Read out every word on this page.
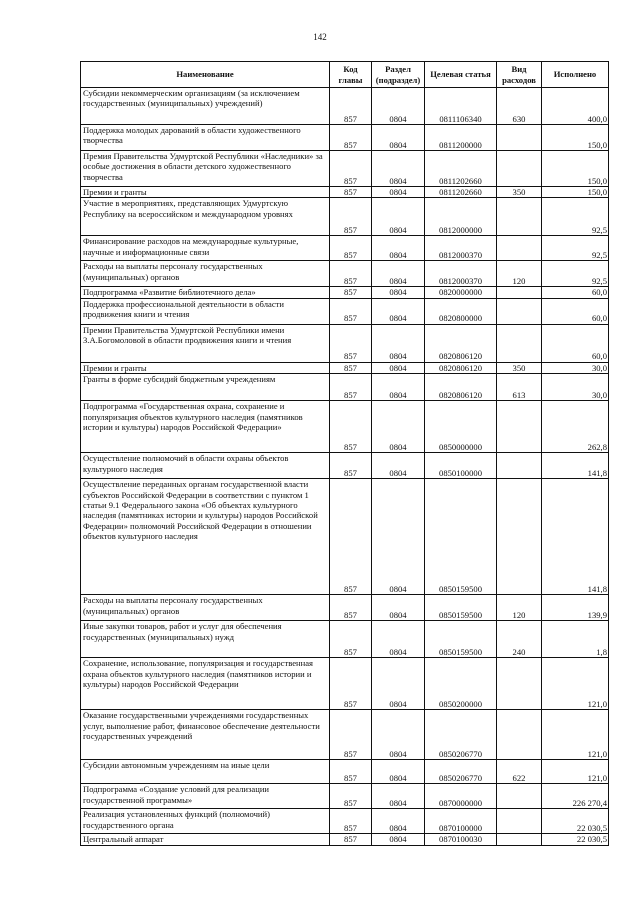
142
Наименование	Код главы	Раздел (подраздел)	Целевая статья	Вид расходов	Исполнено
Субсидии некоммерческим организациям (за исключением государственных (муниципальных) учреждений)	857	0804	0811106340	630	400,0
Поддержка молодых дарований в области художественного творчества	857	0804	0811200000		150,0
Премия Правительства Удмуртской Республики «Наследники» за особые достижения в области детского художественного творчества	857	0804	0811202660		150,0
Премии и гранты	857	0804	0811202660	350	150,0
Участие в мероприятиях, представляющих Удмуртскую Республику на всероссийском и международном уровнях	857	0804	0812000000		92,5
Финансирование расходов на международные культурные, научные и информационные связи	857	0804	0812000370		92,5
Расходы на выплаты персоналу государственных (муниципальных) органов	857	0804	0812000370	120	92,5
Подпрограмма «Развитие библиотечного дела»	857	0804	0820000000		60,0
Поддержка профессиональной деятельности в области продвижения книги и чтения	857	0804	0820800000		60,0
Премии Правительства Удмуртской Республики имени З.А.Богомоловой в области продвижения книги и чтения	857	0804	0820806120		60,0
Премии и гранты	857	0804	0820806120	350	30,0
Гранты в форме субсидий бюджетным учреждениям	857	0804	0820806120	613	30,0
Подпрограмма «Государственная охрана, сохранение и популяризация объектов культурного наследия (памятников истории и культуры) народов Российской Федерации»	857	0804	0850000000		262,8
Осуществление полномочий в области охраны объектов культурного наследия	857	0804	0850100000		141,8
Осуществление переданных органам государственной власти субъектов Российской Федерации в соответствии с пунктом 1 статьи 9.1 Федерального закона «Об объектах культурного наследия (памятниках истории и культуры) народов Российской Федерации» полномочий Российской Федерации в отношении объектов культурного наследия	857	0804	0850159500		141,8
Расходы на выплаты персоналу государственных (муниципальных) органов	857	0804	0850159500	120	139,9
Иные закупки товаров, работ и услуг для обеспечения государственных (муниципальных) нужд	857	0804	0850159500	240	1,8
Сохранение, использование, популяризация и государственная охрана объектов культурного наследия (памятников истории и культуры) народов Российской Федерации	857	0804	0850200000		121,0
Оказание государственными учреждениями государственных услуг, выполнение работ, финансовое обеспечение деятельности государственных учреждений	857	0804	0850206770		121,0
Субсидии автономным учреждениям на иные цели	857	0804	0850206770	622	121,0
Подпрограмма «Создание условий для реализации государственной программы»	857	0804	0870000000		226 270,4
Реализация установленных функций (полномочий) государственного органа	857	0804	0870100000		22 030,5
Центральный аппарат	857	0804	0870100030		22 030,5
